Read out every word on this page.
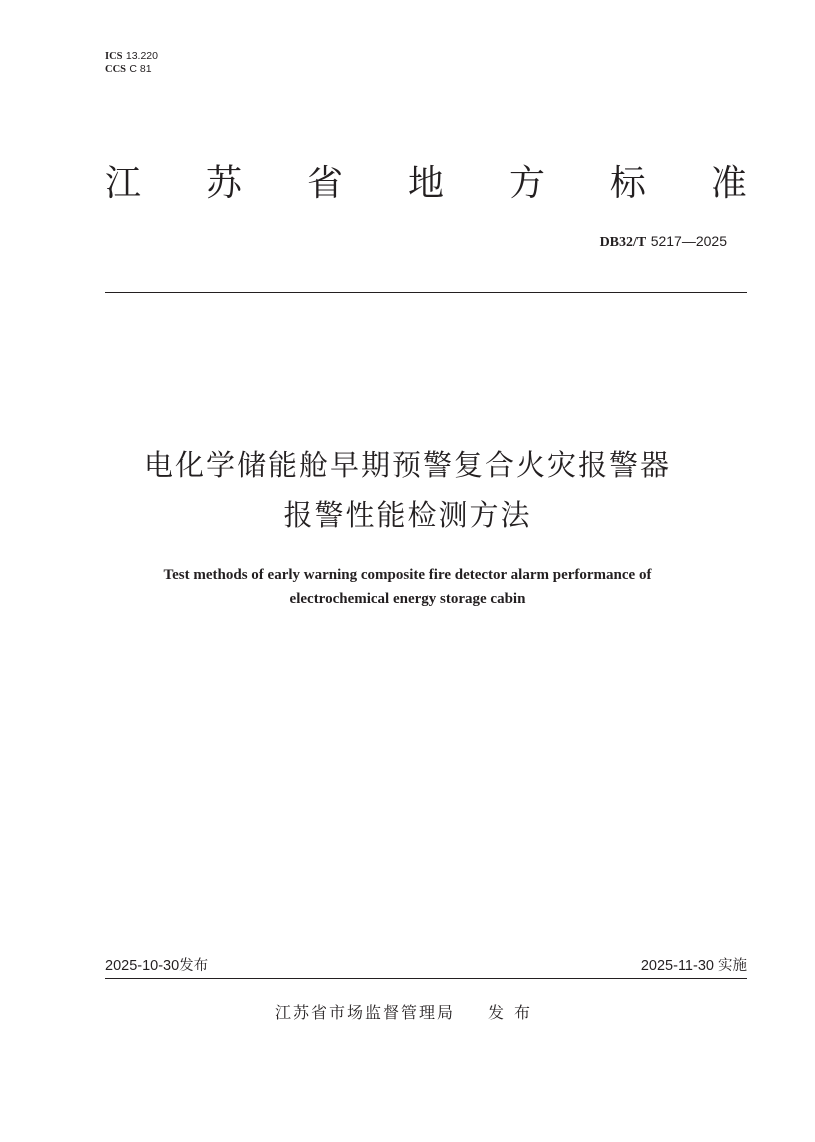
ICS 13.220
CCS C 81
江 苏 省 地 方 标 准
DB32/T 5217—2025
电化学储能舱早期预警复合火灾报警器
报警性能检测方法
Test methods of early warning composite fire detector alarm performance of
electrochemical energy storage cabin
2025-10-30发布	2025-11-30 实施
江苏省市场监督管理局 发布
